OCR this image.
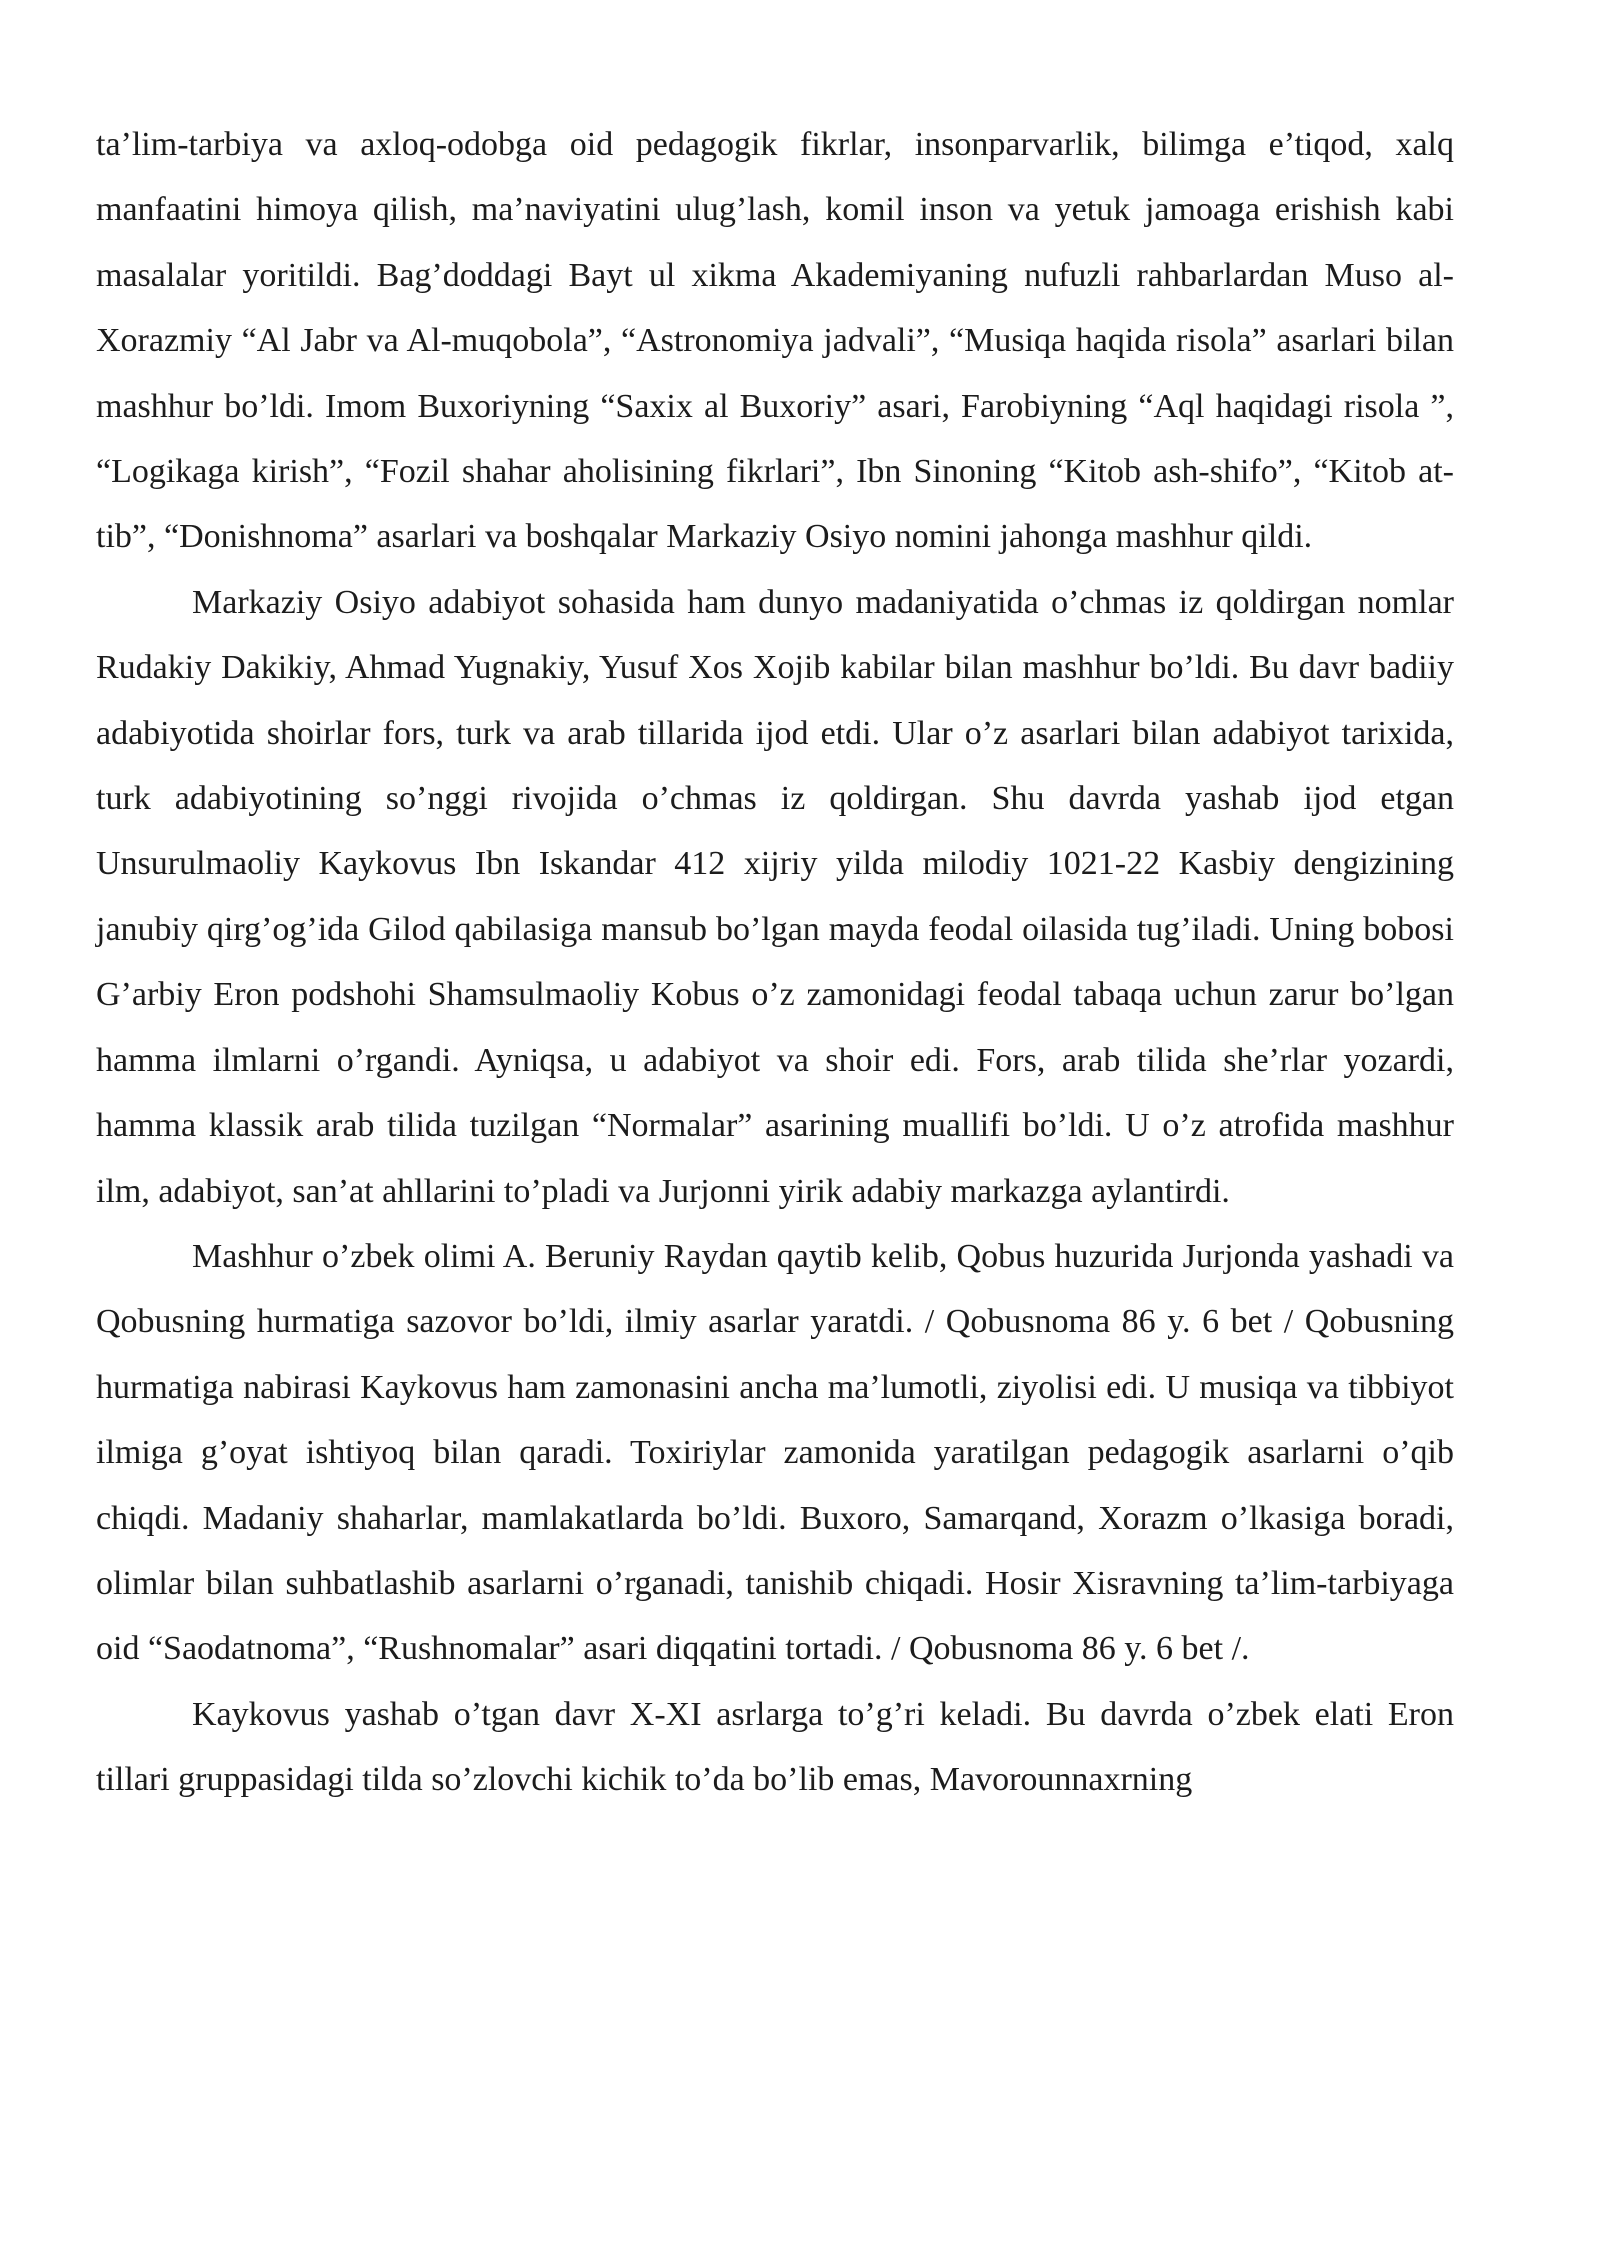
ta’lim-tarbiya va axloq-odobga oid pedagogik fikrlar, insonparvarlik, bilimga e’tiqod, xalq manfaatini himoya qilish, ma’naviyatini ulug’lash, komil inson va yetuk jamoaga erishish kabi masalalar yoritildi. Bag’doddagi Bayt ul xikma Akademiyaning nufuzli rahbarlardan Muso al-Xorazmiy “Al Jabr va Al-muqobola”, “Astronomiya jadvali”, “Musiqa haqida risola” asarlari bilan mashhur bo’ldi. Imom Buxoriyning “Saxix al Buxoriy” asari, Farobiyning “Aql haqidagi risola ”, “Logikaga kirish”, “Fozil shahar aholisining fikrlari”, Ibn Sinoning “Kitob ash-shifo”, “Kitob at-tib”, “Donishnoma” asarlari va boshqalar Markaziy Osiyo nomini jahonga mashhur qildi.

Markaziy Osiyo adabiyot sohasida ham dunyo madaniyatida o’chmas iz qoldirgan nomlar Rudakiy Dakikiy, Ahmad Yugnakiy, Yusuf Xos Xojib kabilar bilan mashhur bo’ldi. Bu davr badiiy adabiyotida shoirlar fors, turk va arab tillarida ijod etdi. Ular o’z asarlari bilan adabiyot tarixida, turk adabiyotining so’nggi rivojida o’chmas iz qoldirgan. Shu davrda yashab ijod etgan Unsurulmaoliy Kaykovus Ibn Iskandar 412 xijriy yilda milodiy 1021-22 Kasbiy dengizining janubiy qirg’og’ida Gilod qabilasiga mansub bo’lgan mayda feodal oilasida tug’iladi. Uning bobosi G’arbiy Eron podshohi Shamsulmaoliy Kobus o’z zamonidagi feodal tabaqa uchun zarur bo’lgan hamma ilmlarni o’rgandi. Ayniqsa, u adabiyot va shoir edi. Fors, arab tilida she’rlar yozardi, hamma klassik arab tilida tuzilgan “Normalar” asarining muallifi bo’ldi. U o’z atrofida mashhur ilm, adabiyot, san’at ahllarini to’pladi va Jurjonni yirik adabiy markazga aylantirdi.

Mashhur o’zbek olimi A. Beruniy Raydan qaytib kelib, Qobus huzurida Jurjonda yashadi va Qobusning hurmatiga sazovor bo’ldi, ilmiy asarlar yaratdi. / Qobusnoma 86 y. 6 bet / Qobusning hurmatiga nabirasi Kaykovus ham zamonasini ancha ma’lumotli, ziyolisi edi. U musiqa va tibbiyot ilmiga g’oyat ishtiyoq bilan qaradi. Toxiriylar zamonida yaratilgan pedagogik asarlarni o’qib chiqdi. Madaniy shaharlar, mamlakatlarda bo’ldi. Buxoro, Samarqand, Xorazm o’lkasiga boradi, olimlar bilan suhbatlashib asarlarni o’rganadi, tanishib chiqadi. Hosir Xisravning ta’lim-tarbiyaga oid “Saodatnoma”, “Rushnomalar” asari diqqatini tortadi. / Qobusnoma 86 y. 6 bet /.

Kaykovus yashab o’tgan davr X-XI asrlarga to’g’ri keladi. Bu davrda o’zbek elati Eron tillari gruppasidagi tilda so’zlovchi kichik to’da bo’lib emas, Mavorounnaxrning
